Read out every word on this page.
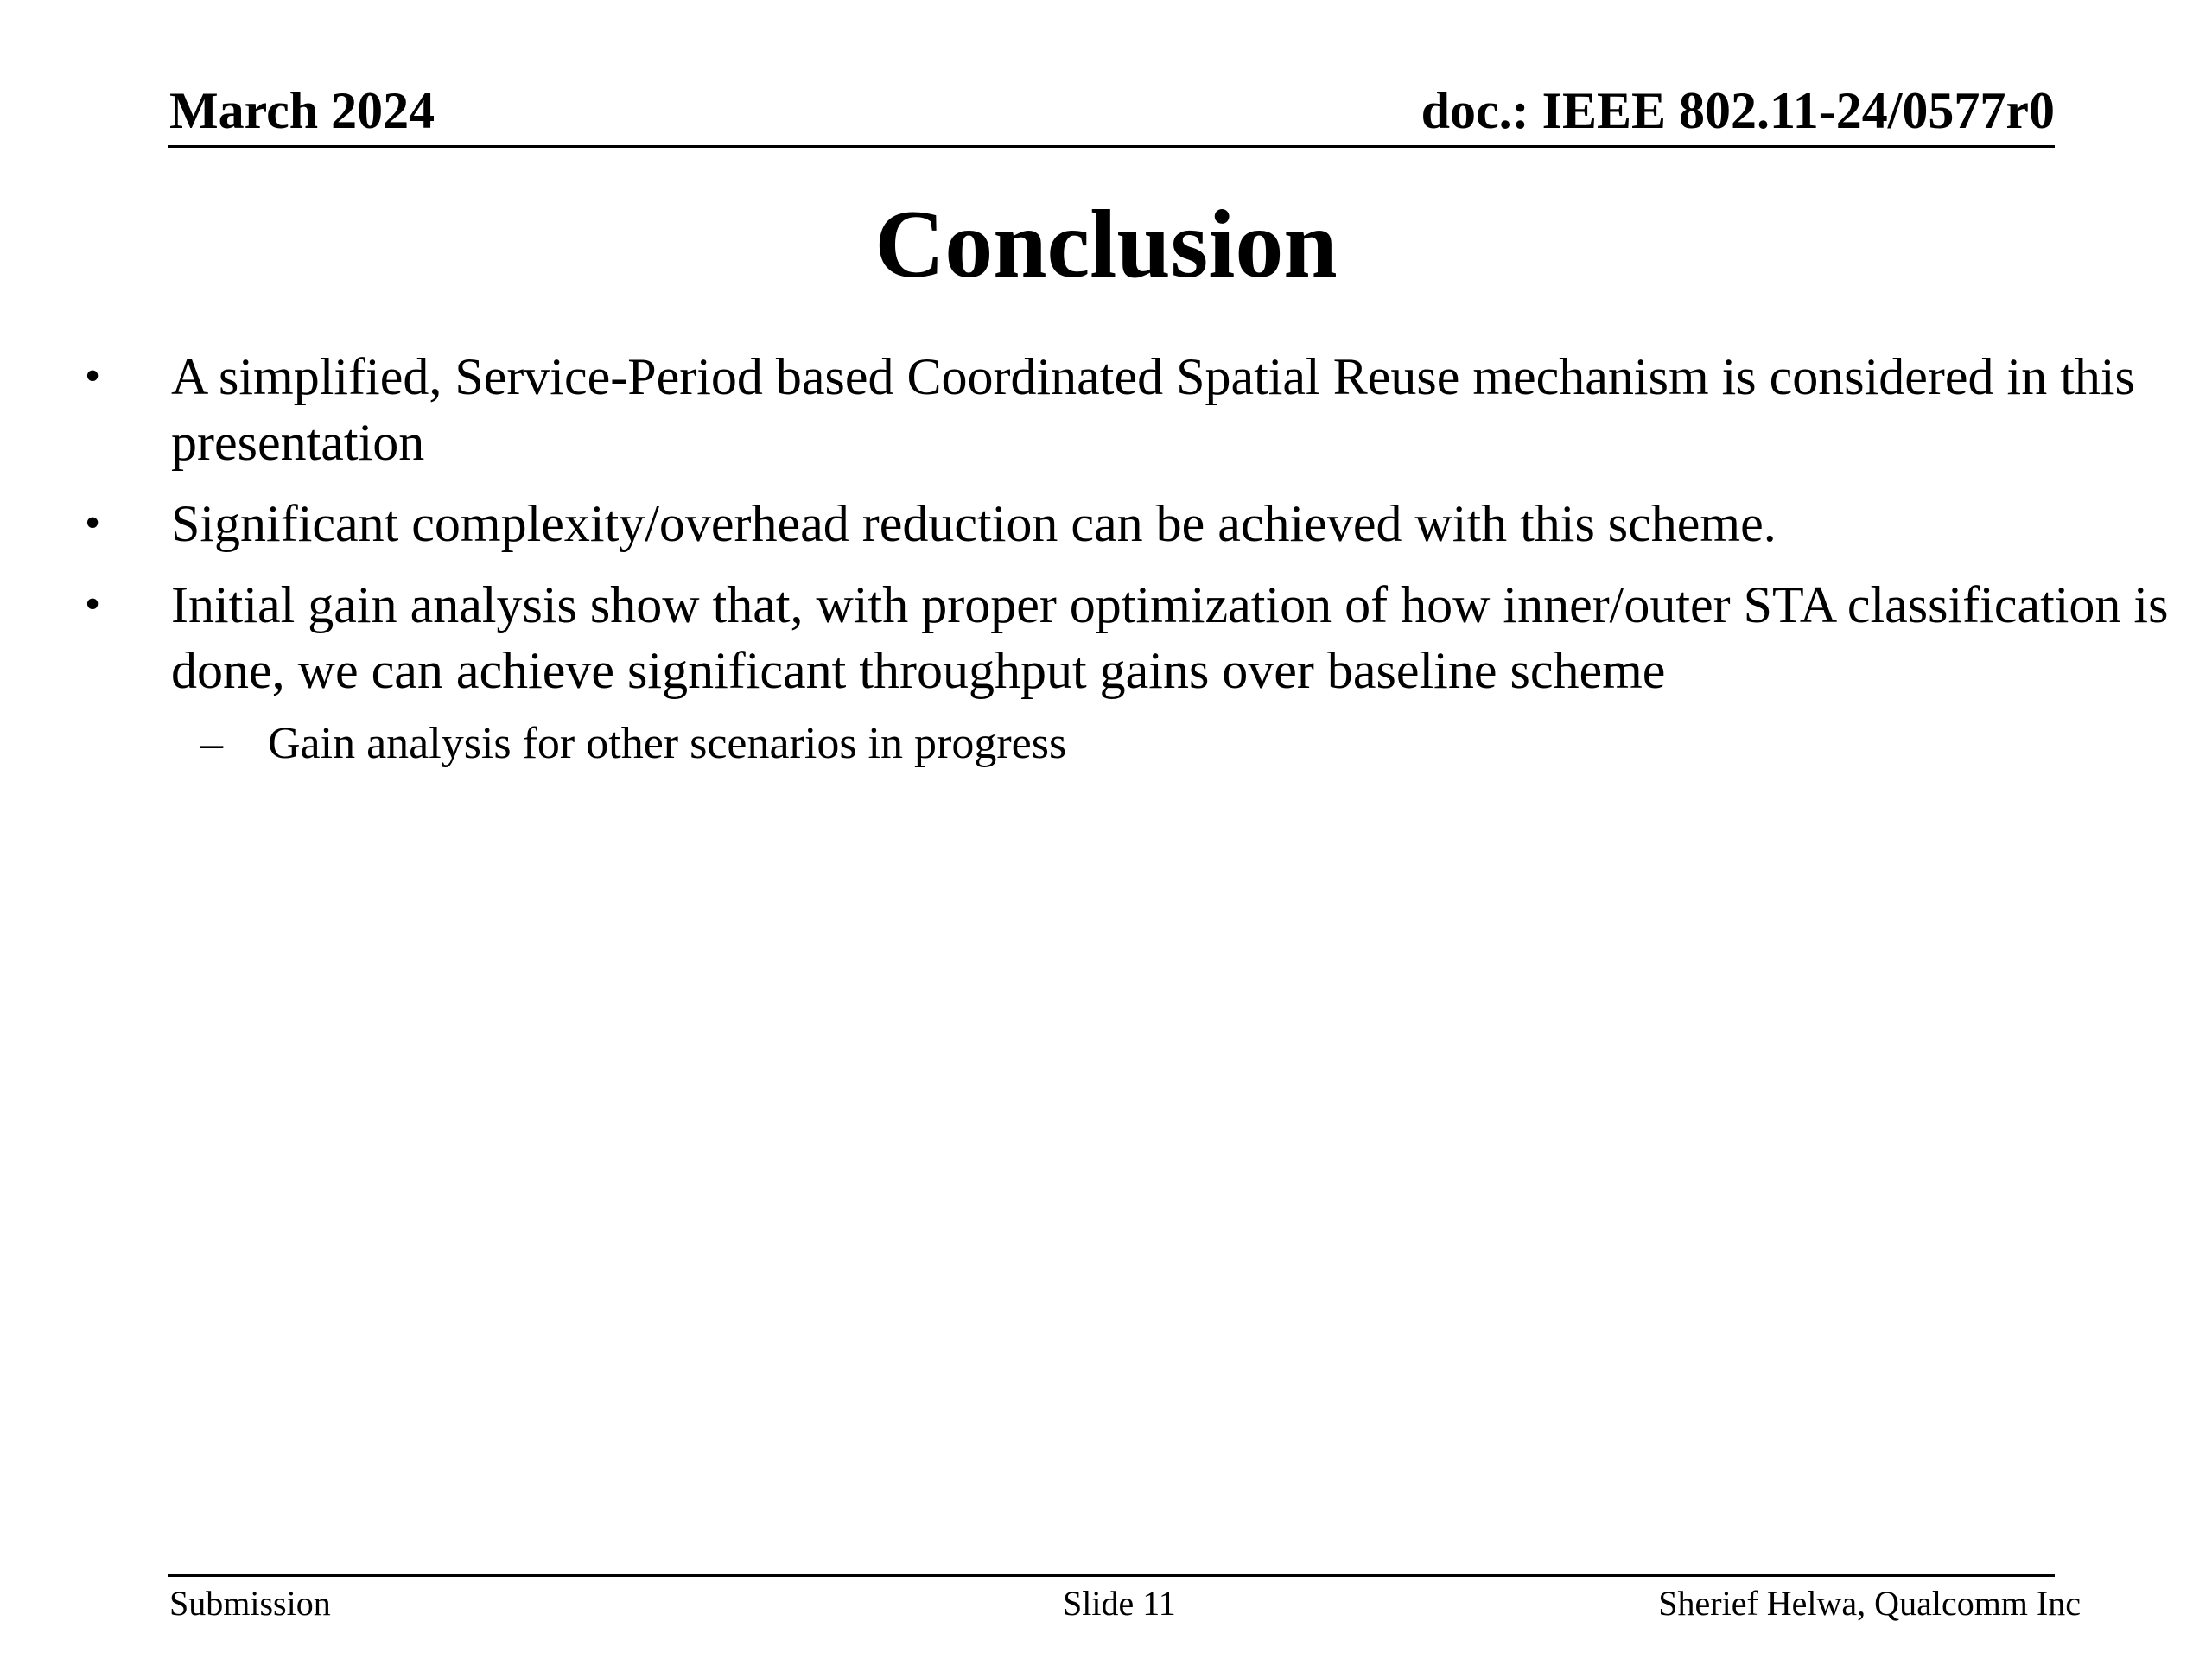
March 2024	doc.: IEEE 802.11-24/0577r0
Conclusion
•	A simplified, Service-Period based Coordinated Spatial Reuse mechanism is considered in this presentation
•	Significant complexity/overhead reduction can be achieved with this scheme.
•	Initial gain analysis show that, with proper optimization of how inner/outer STA classification is done, we can achieve significant throughput gains over baseline scheme
– Gain analysis for other scenarios in progress
Submission	Slide 11	Sherief Helwa, Qualcomm Inc
